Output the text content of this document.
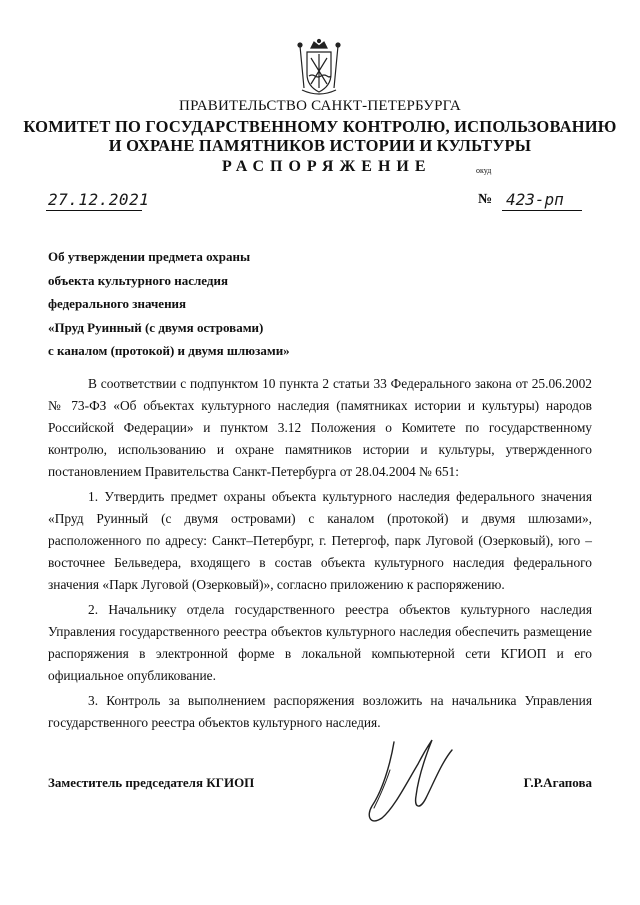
ПРАВИТЕЛЬСТВО САНКТ-ПЕТЕРБУРГА
КОМИТЕТ ПО ГОСУДАРСТВЕННОМУ КОНТРОЛЮ, ИСПОЛЬЗОВАНИЮ
И ОХРАНЕ ПАМЯТНИКОВ ИСТОРИИ И КУЛЬТУРЫ
РАСПОРЯЖЕНИЕ	окуд
27.12.2021	№ 423-рп
Об утверждении предмета охраны
объекта культурного наследия
федерального значения
«Пруд Руинный (с двумя островами)
с каналом (протокой) и двумя шлюзами»

В соответствии с подпунктом 10 пункта 2 статьи 33 Федерального закона от 25.06.2002 № 73-ФЗ «Об объектах культурного наследия (памятниках истории и культуры) народов Российской Федерации» и пунктом 3.12 Положения о Комитете по государственному контролю, использованию и охране памятников истории и культуры, утвержденного постановлением Правительства Санкт-Петербурга от 28.04.2004 № 651:

1. Утвердить предмет охраны объекта культурного наследия федерального значения «Пруд Руинный (с двумя островами) с каналом (протокой) и двумя шлюзами», расположенного по адресу: Санкт–Петербург, г. Петергоф, парк Луговой (Озерковый), юго – восточнее Бельведера, входящего в состав объекта культурного наследия федерального значения «Парк Луговой (Озерковый)», согласно приложению к распоряжению.

2. Начальнику отдела государственного реестра объектов культурного наследия Управления государственного реестра объектов культурного наследия обеспечить размещение распоряжения в электронной форме в локальной компьютерной сети КГИОП и его официальное опубликование.

3. Контроль за выполнением распоряжения возложить на начальника Управления государственного реестра объектов культурного наследия.

Заместитель председателя КГИОП	Г.Р.Агапова
